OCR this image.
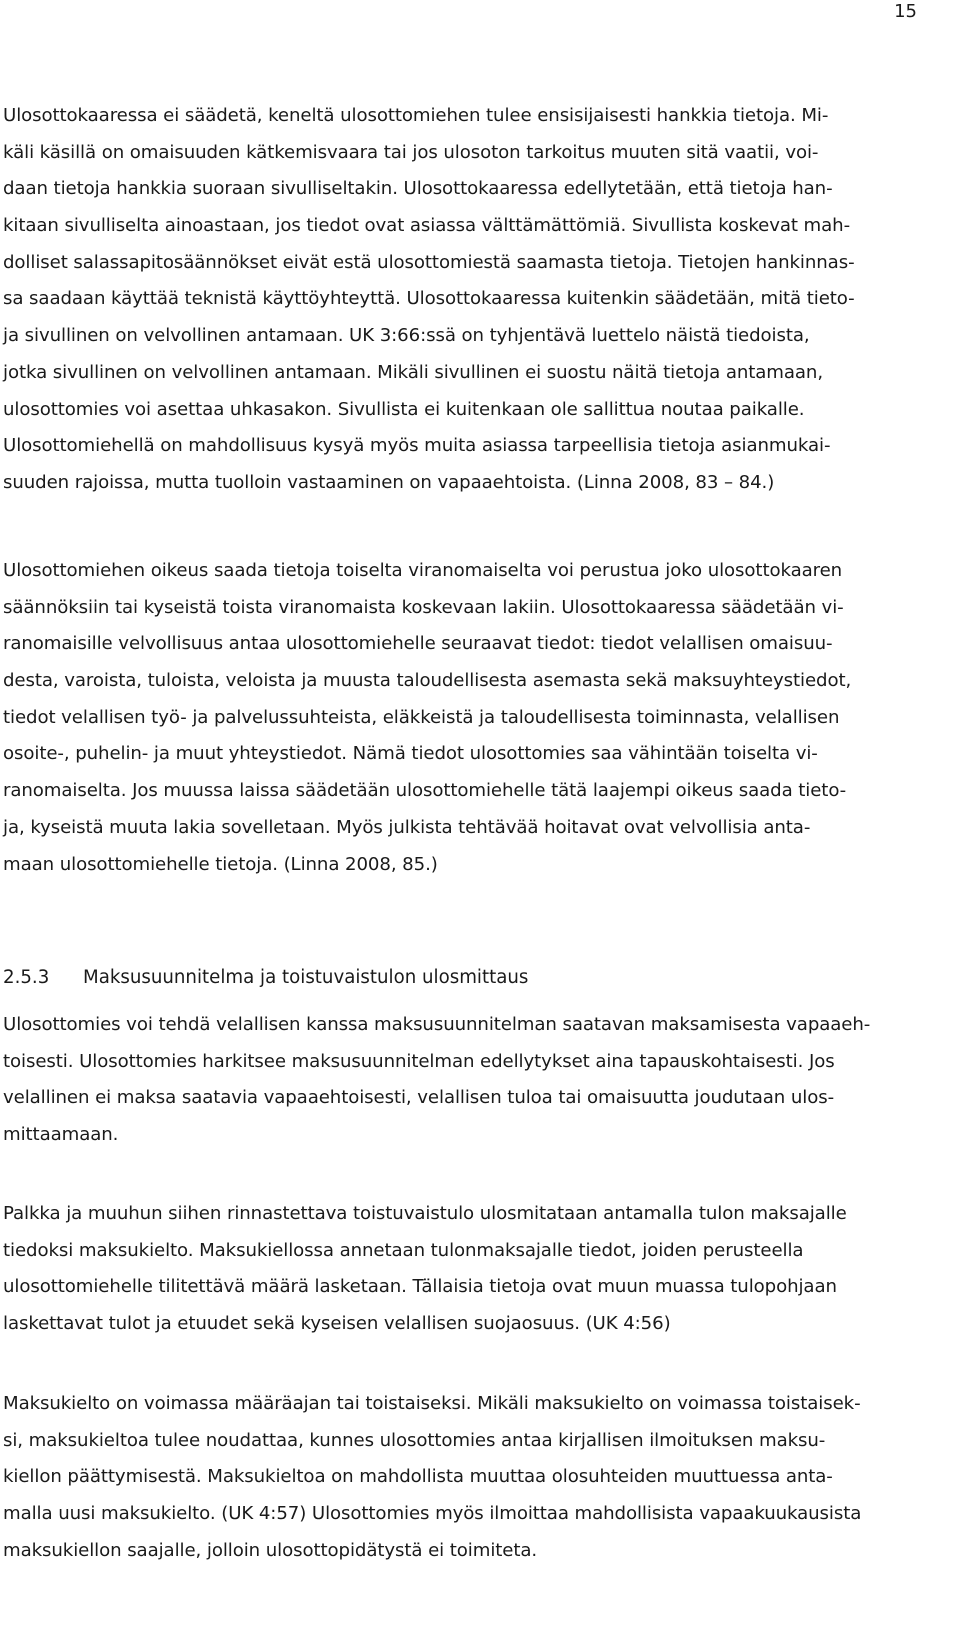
15
Ulosottokaaressa ei säädetä, keneltä ulosottomiehen tulee ensisijaisesti hankkia tietoja. Mi-
käli käsillä on omaisuuden kätkemisvaara tai jos ulosoton tarkoitus muuten sitä vaatii, voi-
daan tietoja hankkia suoraan sivulliseltakin. Ulosottokaaressa edellytetään, että tietoja han-
kitaan sivulliselta ainoastaan, jos tiedot ovat asiassa välttämättömiä. Sivullista koskevat mah-
dolliset salassapitosäännökset eivät estä ulosottomiestä saamasta tietoja. Tietojen hankinnas-
sa saadaan käyttää teknistä käyttöyhteyttä. Ulosottokaaressa kuitenkin säädetään, mitä tieto-
ja sivullinen on velvollinen antamaan. UK 3:66:ssä on tyhjentävä luettelo näistä tiedoista,
jotka sivullinen on velvollinen antamaan. Mikäli sivullinen ei suostu näitä tietoja antamaan,
ulosottomies voi asettaa uhkasakon. Sivullista ei kuitenkaan ole sallittua noutaa paikalle.
Ulosottomiehellä on mahdollisuus kysyä myös muita asiassa tarpeellisia tietoja asianmukai-
suuden rajoissa, mutta tuolloin vastaaminen on vapaaehtoista. (Linna 2008, 83 – 84.)
Ulosottomiehen oikeus saada tietoja toiselta viranomaiselta voi perustua joko ulosottokaaren
säännöksiin tai kyseistä toista viranomaista koskevaan lakiin. Ulosottokaaressa säädetään vi-
ranomaisille velvollisuus antaa ulosottomiehelle seuraavat tiedot: tiedot velallisen omaisuu-
desta, varoista, tuloista, veloista ja muusta taloudellisesta asemasta sekä maksuyhteystiedot,
tiedot velallisen työ- ja palvelussuhteista, eläkkeistä ja taloudellisesta toiminnasta, velallisen
osoite-, puhelin- ja muut yhteystiedot. Nämä tiedot ulosottomies saa vähintään toiselta vi-
ranomaiselta. Jos muussa laissa säädetään ulosottomiehelle tätä laajempi oikeus saada tieto-
ja, kyseistä muuta lakia sovelletaan. Myös julkista tehtävää hoitavat ovat velvollisia anta-
maan ulosottomiehelle tietoja. (Linna 2008, 85.)
2.5.3 Maksusuunnitelma ja toistuvaistulon ulosmittaus
Ulosottomies voi tehdä velallisen kanssa maksusuunnitelman saatavan maksamisesta vapaaeh-
toisesti. Ulosottomies harkitsee maksusuunnitelman edellytykset aina tapauskohtaisesti. Jos
velallinen ei maksa saatavia vapaaehtoisesti, velallisen tuloa tai omaisuutta joudutaan ulos-
mittaamaan.
Palkka ja muuhun siihen rinnastettava toistuvaistulo ulosmitataan antamalla tulon maksajalle
tiedoksi maksukielto. Maksukiellossa annetaan tulonmaksajalle tiedot, joiden perusteella
ulosottomiehelle tilitettävä määrä lasketaan. Tällaisia tietoja ovat muun muassa tulopohjaan
laskettavat tulot ja etuudet sekä kyseisen velallisen suojaosuus. (UK 4:56)
Maksukielto on voimassa määräajan tai toistaiseksi. Mikäli maksukielto on voimassa toistaisek-
si, maksukieltoa tulee noudattaa, kunnes ulosottomies antaa kirjallisen ilmoituksen maksu-
kiellon päättymisestä. Maksukieltoa on mahdollista muuttaa olosuhteiden muuttuessa anta-
malla uusi maksukielto. (UK 4:57) Ulosottomies myös ilmoittaa mahdollisista vapaakuukausista
maksukiellon saajalle, jolloin ulosottopidätystä ei toimiteta.
